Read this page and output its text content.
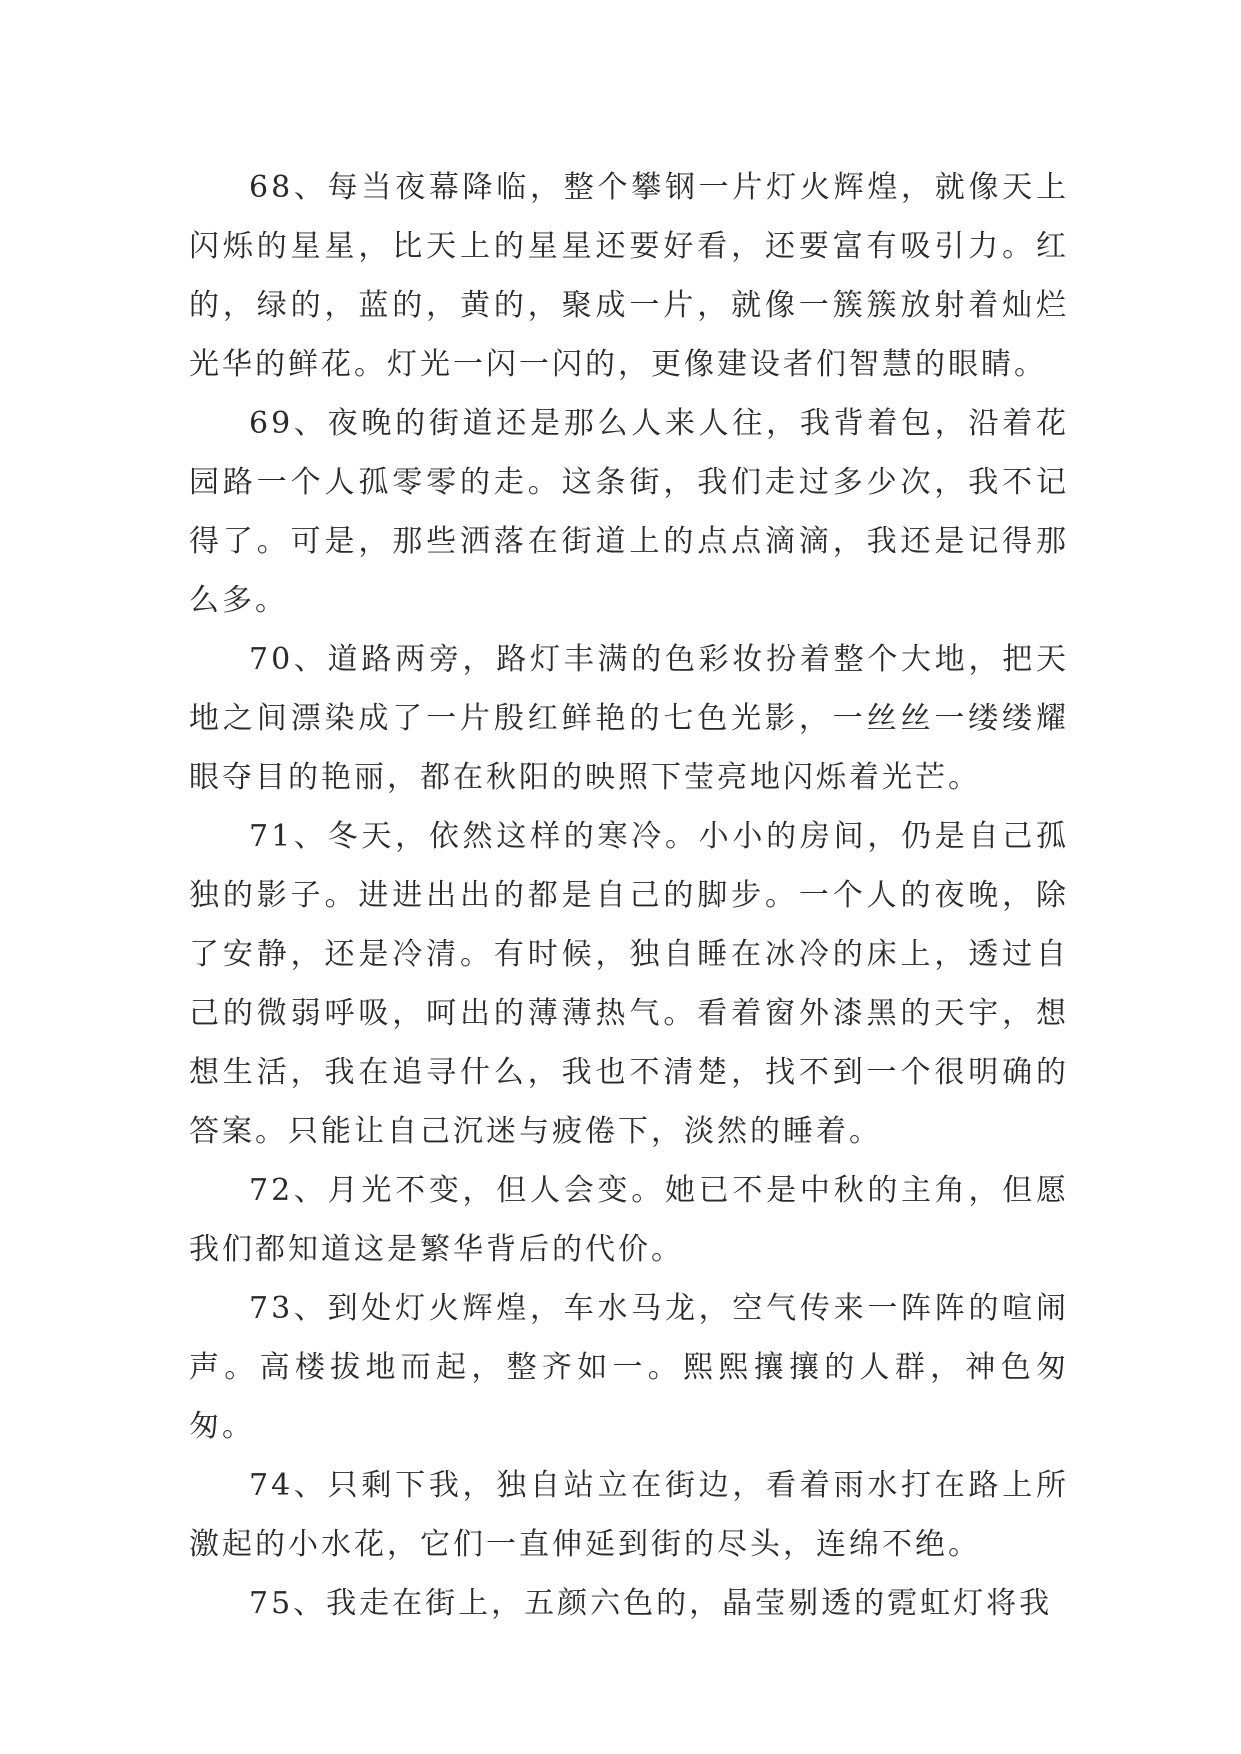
68、每当夜幕降临，整个攀钢一片灯火辉煌，就像天上闪烁的星星，比天上的星星还要好看，还要富有吸引力。红的，绿的，蓝的，黄的，聚成一片，就像一簇簇放射着灿烂光华的鲜花。灯光一闪一闪的，更像建设者们智慧的眼睛。

69、夜晚的街道还是那么人来人往，我背着包，沿着花园路一个人孤零零的走。这条街，我们走过多少次，我不记得了。可是，那些洒落在街道上的点点滴滴，我还是记得那么多。

70、道路两旁，路灯丰满的色彩妆扮着整个大地，把天地之间漂染成了一片殷红鲜艳的七色光影，一丝丝一缕缕耀眼夺目的艳丽，都在秋阳的映照下莹亮地闪烁着光芒。

71、冬天，依然这样的寒冷。小小的房间，仍是自己孤独的影子。进进出出的都是自己的脚步。一个人的夜晚，除了安静，还是冷清。有时候，独自睡在冰冷的床上，透过自己的微弱呼吸，呵出的薄薄热气。看着窗外漆黑的天宇，想想生活，我在追寻什么，我也不清楚，找不到一个很明确的答案。只能让自己沉迷与疲倦下，淡然的睡着。

72、月光不变，但人会变。她已不是中秋的主角，但愿我们都知道这是繁华背后的代价。

73、到处灯火辉煌，车水马龙，空气传来一阵阵的喧闹声。高楼拔地而起，整齐如一。熙熙攘攘的人群，神色匆匆。

74、只剩下我，独自站立在街边，看着雨水打在路上所激起的小水花，它们一直伸延到街的尽头，连绵不绝。

75、我走在街上，五颜六色的，晶莹剔透的霓虹灯将我
